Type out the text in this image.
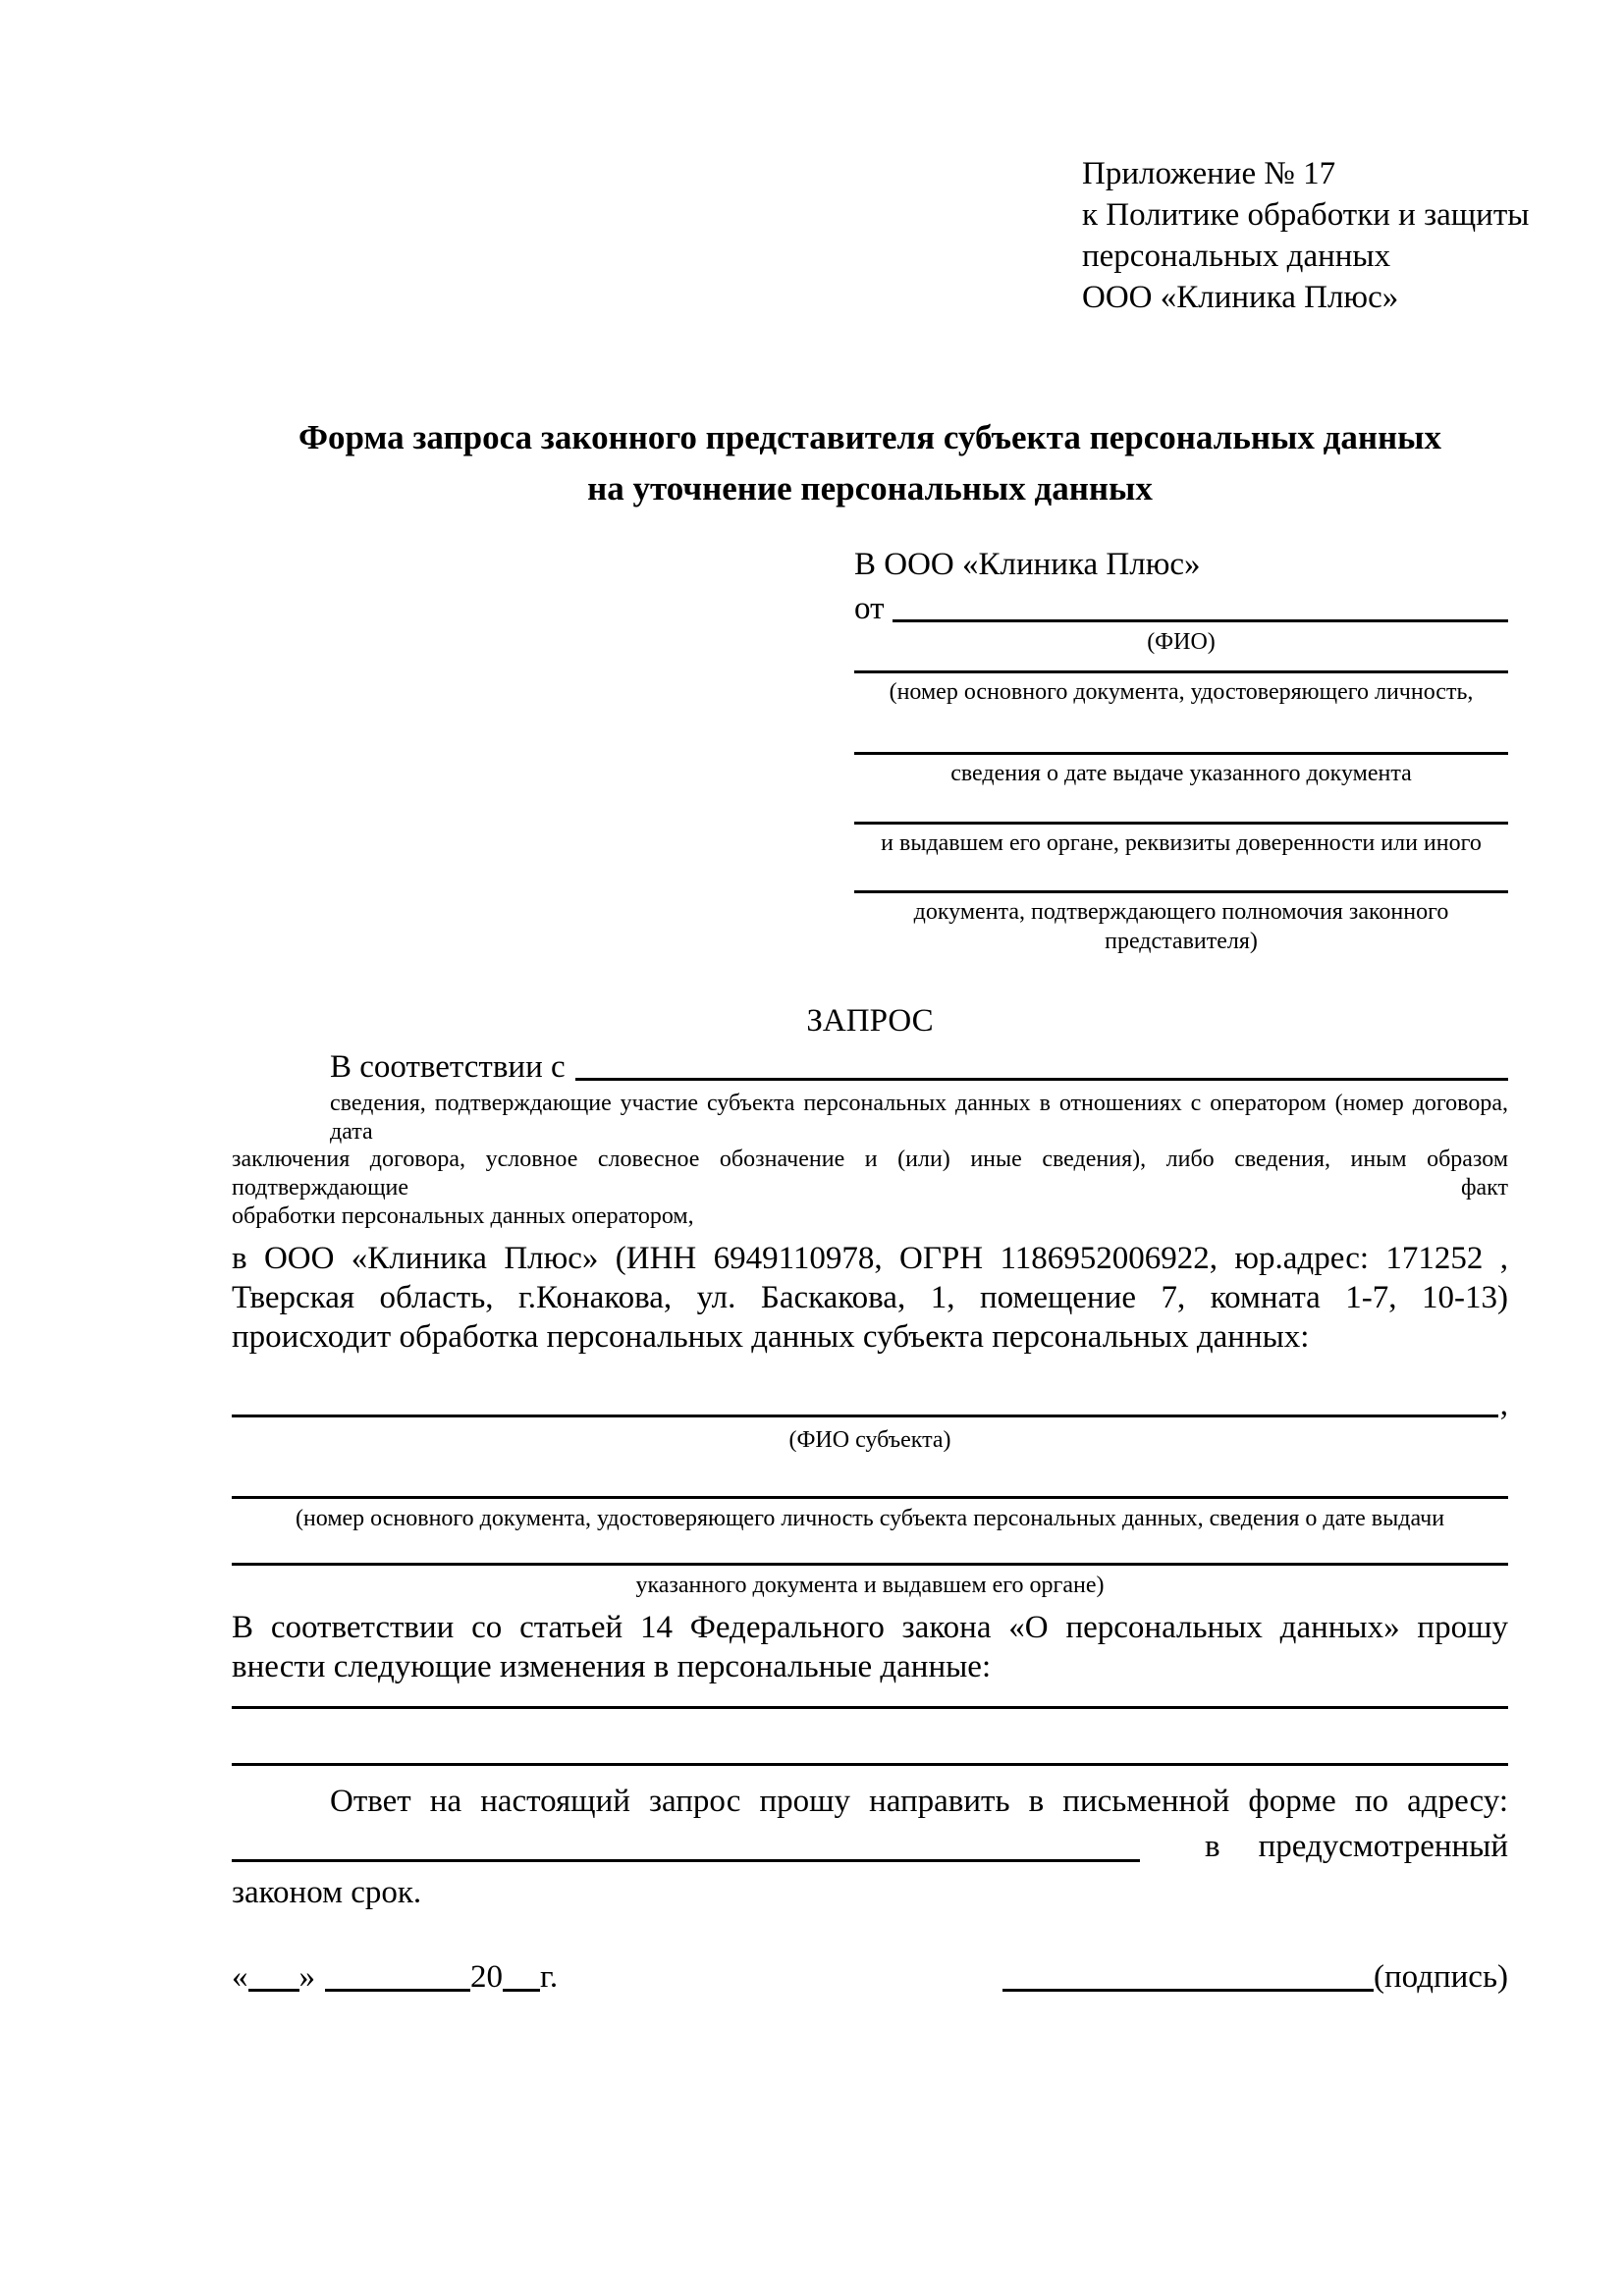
Приложение № 17
к Политике обработки и защиты
персональных данных
ООО «Клиника Плюс»
Форма запроса законного представителя субъекта персональных данных
на уточнение персональных данных
В ООО «Клиника Плюс»
от
(ФИО)
(номер основного документа, удостоверяющего личность,
сведения о дате выдаче указанного документа
и выдавшем его органе, реквизиты доверенности или иного
документа, подтверждающего полномочия законного представителя)
ЗАПРОС
В соответствии с
сведения, подтверждающие участие субъекта персональных данных в отношениях с оператором (номер договора, дата
заключения договора, условное словесное обозначение и (или) иные сведения), либо сведения, иным образом подтверждающие факт
обработки персональных данных оператором,
в ООО «Клиника Плюс» (ИНН 6949110978, ОГРН 1186952006922, юр.адрес: 171252 ,
Тверская область, г.Конакова, ул. Баскакова, 1, помещение 7, комната 1-7, 10-13)
происходит обработка персональных данных субъекта персональных данных:
,
(ФИО субъекта)
(номер основного документа, удостоверяющего личность субъекта персональных данных, сведения о дате выдачи
указанного документа и выдавшем его органе)
В соответствии со статьей 14 Федерального закона «О персональных данных» прошу
внести следующие изменения в персональные данные:
Ответ на настоящий запрос прошу направить в письменной форме по адресу:
в предусмотренный
законом срок.
« »	20 г.	(подпись)
